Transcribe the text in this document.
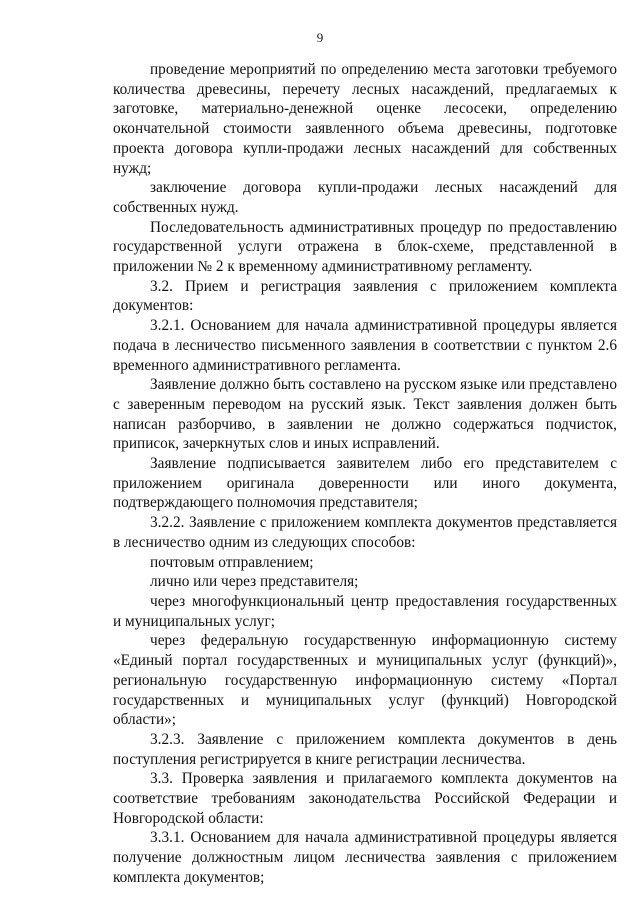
9

проведение мероприятий по определению места заготовки требуемого количества древесины, перечету лесных насаждений, предлагаемых к заготовке, материально-денежной оценке лесосеки, определению окончательной стоимости заявленного объема древесины, подготовке проекта договора купли-продажи лесных насаждений для собственных нужд;

заключение договора купли-продажи лесных насаждений для собственных нужд.

Последовательность административных процедур по предоставлению государственной услуги отражена в блок-схеме, представленной в приложении № 2 к временному административному регламенту.

3.2. Прием и регистрация заявления с приложением комплекта документов:

3.2.1. Основанием для начала административной процедуры является подача в лесничество письменного заявления в соответствии с пунктом 2.6 временного административного регламента.

Заявление должно быть составлено на русском языке или представлено с заверенным переводом на русский язык. Текст заявления должен быть написан разборчиво, в заявлении не должно содержаться подчисток, приписок, зачеркнутых слов и иных исправлений.

Заявление подписывается заявителем либо его представителем с приложением оригинала доверенности или иного документа, подтверждающего полномочия представителя;

3.2.2. Заявление с приложением комплекта документов представляется в лесничество одним из следующих способов:

почтовым отправлением;

лично или через представителя;

через многофункциональный центр предоставления государственных и муниципальных услуг;

через федеральную государственную информационную систему «Единый портал государственных и муниципальных услуг (функций)», региональную государственную информационную систему «Портал государственных и муниципальных услуг (функций) Новгородской области»;

3.2.3. Заявление с приложением комплекта документов в день поступления регистрируется в книге регистрации лесничества.

3.3. Проверка заявления и прилагаемого комплекта документов на соответствие требованиям законодательства Российской Федерации и Новгородской области:

3.3.1. Основанием для начала административной процедуры является получение должностным лицом лесничества заявления с приложением комплекта документов;
